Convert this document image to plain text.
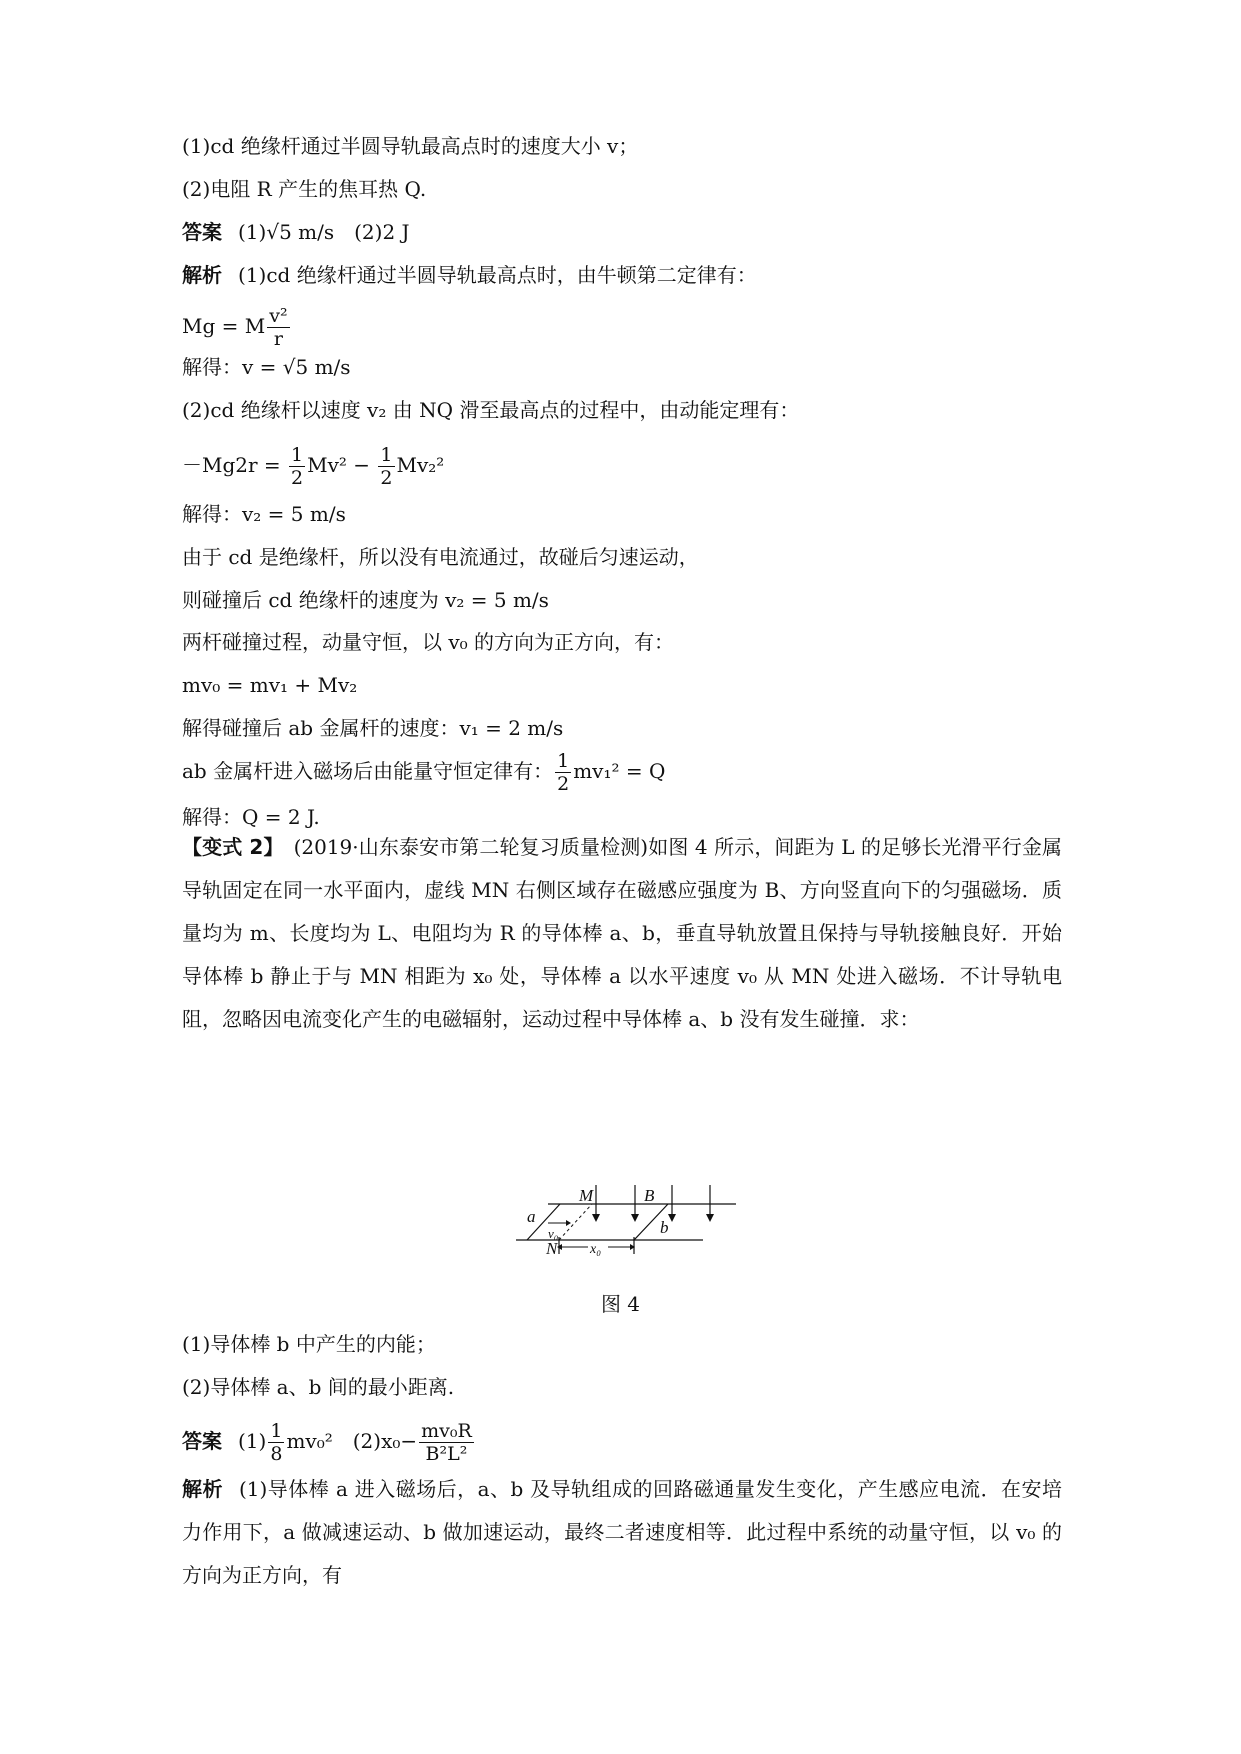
(1)cd 绝缘杆通过半圆导轨最高点时的速度大小 v；
(2)电阻 R 产生的焦耳热 Q.
答案 (1)√5 m/s　(2)2 J
解析 (1)cd 绝缘杆通过半圆导轨最高点时，由牛顿第二定律有：
Mg = M $\frac{\text{v²}}{r}$
解得：v = √5 m/s
(2)cd 绝缘杆以速度 v₂ 由 NQ 滑至最高点的过程中，由动能定理有：
$-Mg2r = \frac{1}{2} Mv^2 - \frac{1}{2} Mv_2^2$
解得：v₂ = 5 m/s
由于 cd 是绝缘杆，所以没有电流通过，故碰后匀速运动，
则碰撞后 cd 绝缘杆的速度为 v₂ = 5 m/s
两杆碰撞过程，动量守恒，以 v₀ 的方向为正方向，有：
mv₀ = mv₁ + Mv₂
解得碰撞后 ab 金属杆的速度：v₁ = 2 m/s
ab 金属杆进入磁场后由能量守恒定律有： $\frac{1}{2} mv_1^2 = Q$
解得：Q = 2 J.
【变式 2】 (2019·山东泰安市第二轮复习质量检测)如图 4 所示，间距为 L 的足够长光滑平行金属导轨固定在同一水平面内，虚线 MN 右侧区域存在磁感应强度为 B、方向竖直向下的匀强磁场．质量均为 m、长度均为 L、电阻均为 R 的导体棒 a、b，垂直导轨放置且保持与导轨接触良好．开始导体棒 b 静止于与 MN 相距为 x₀ 处，导体棒 a 以水平速度 v₀ 从 MN 处进入磁场．不计导轨电阻，忽略因电流变化产生的电磁辐射，运动过程中导体棒 a、b 没有发生碰撞．求：
M	B
a
b
v₀
N x₀
图 4
(1)导体棒 b 中产生的内能；
(2)导体棒 a、b 间的最小距离.
答案 $(1) \frac{1}{8} mv_0^2$　$(2)x_0- \frac{\text{mv₀R}}{\text{B²L²}}$
解析 (1)导体棒 a 进入磁场后，a、b 及导轨组成的回路磁通量发生变化，产生感应电流．在安培力作用下，a 做减速运动、b 做加速运动，最终二者速度相等．此过程中系统的动量守恒，以 v₀ 的方向为正方向，有
